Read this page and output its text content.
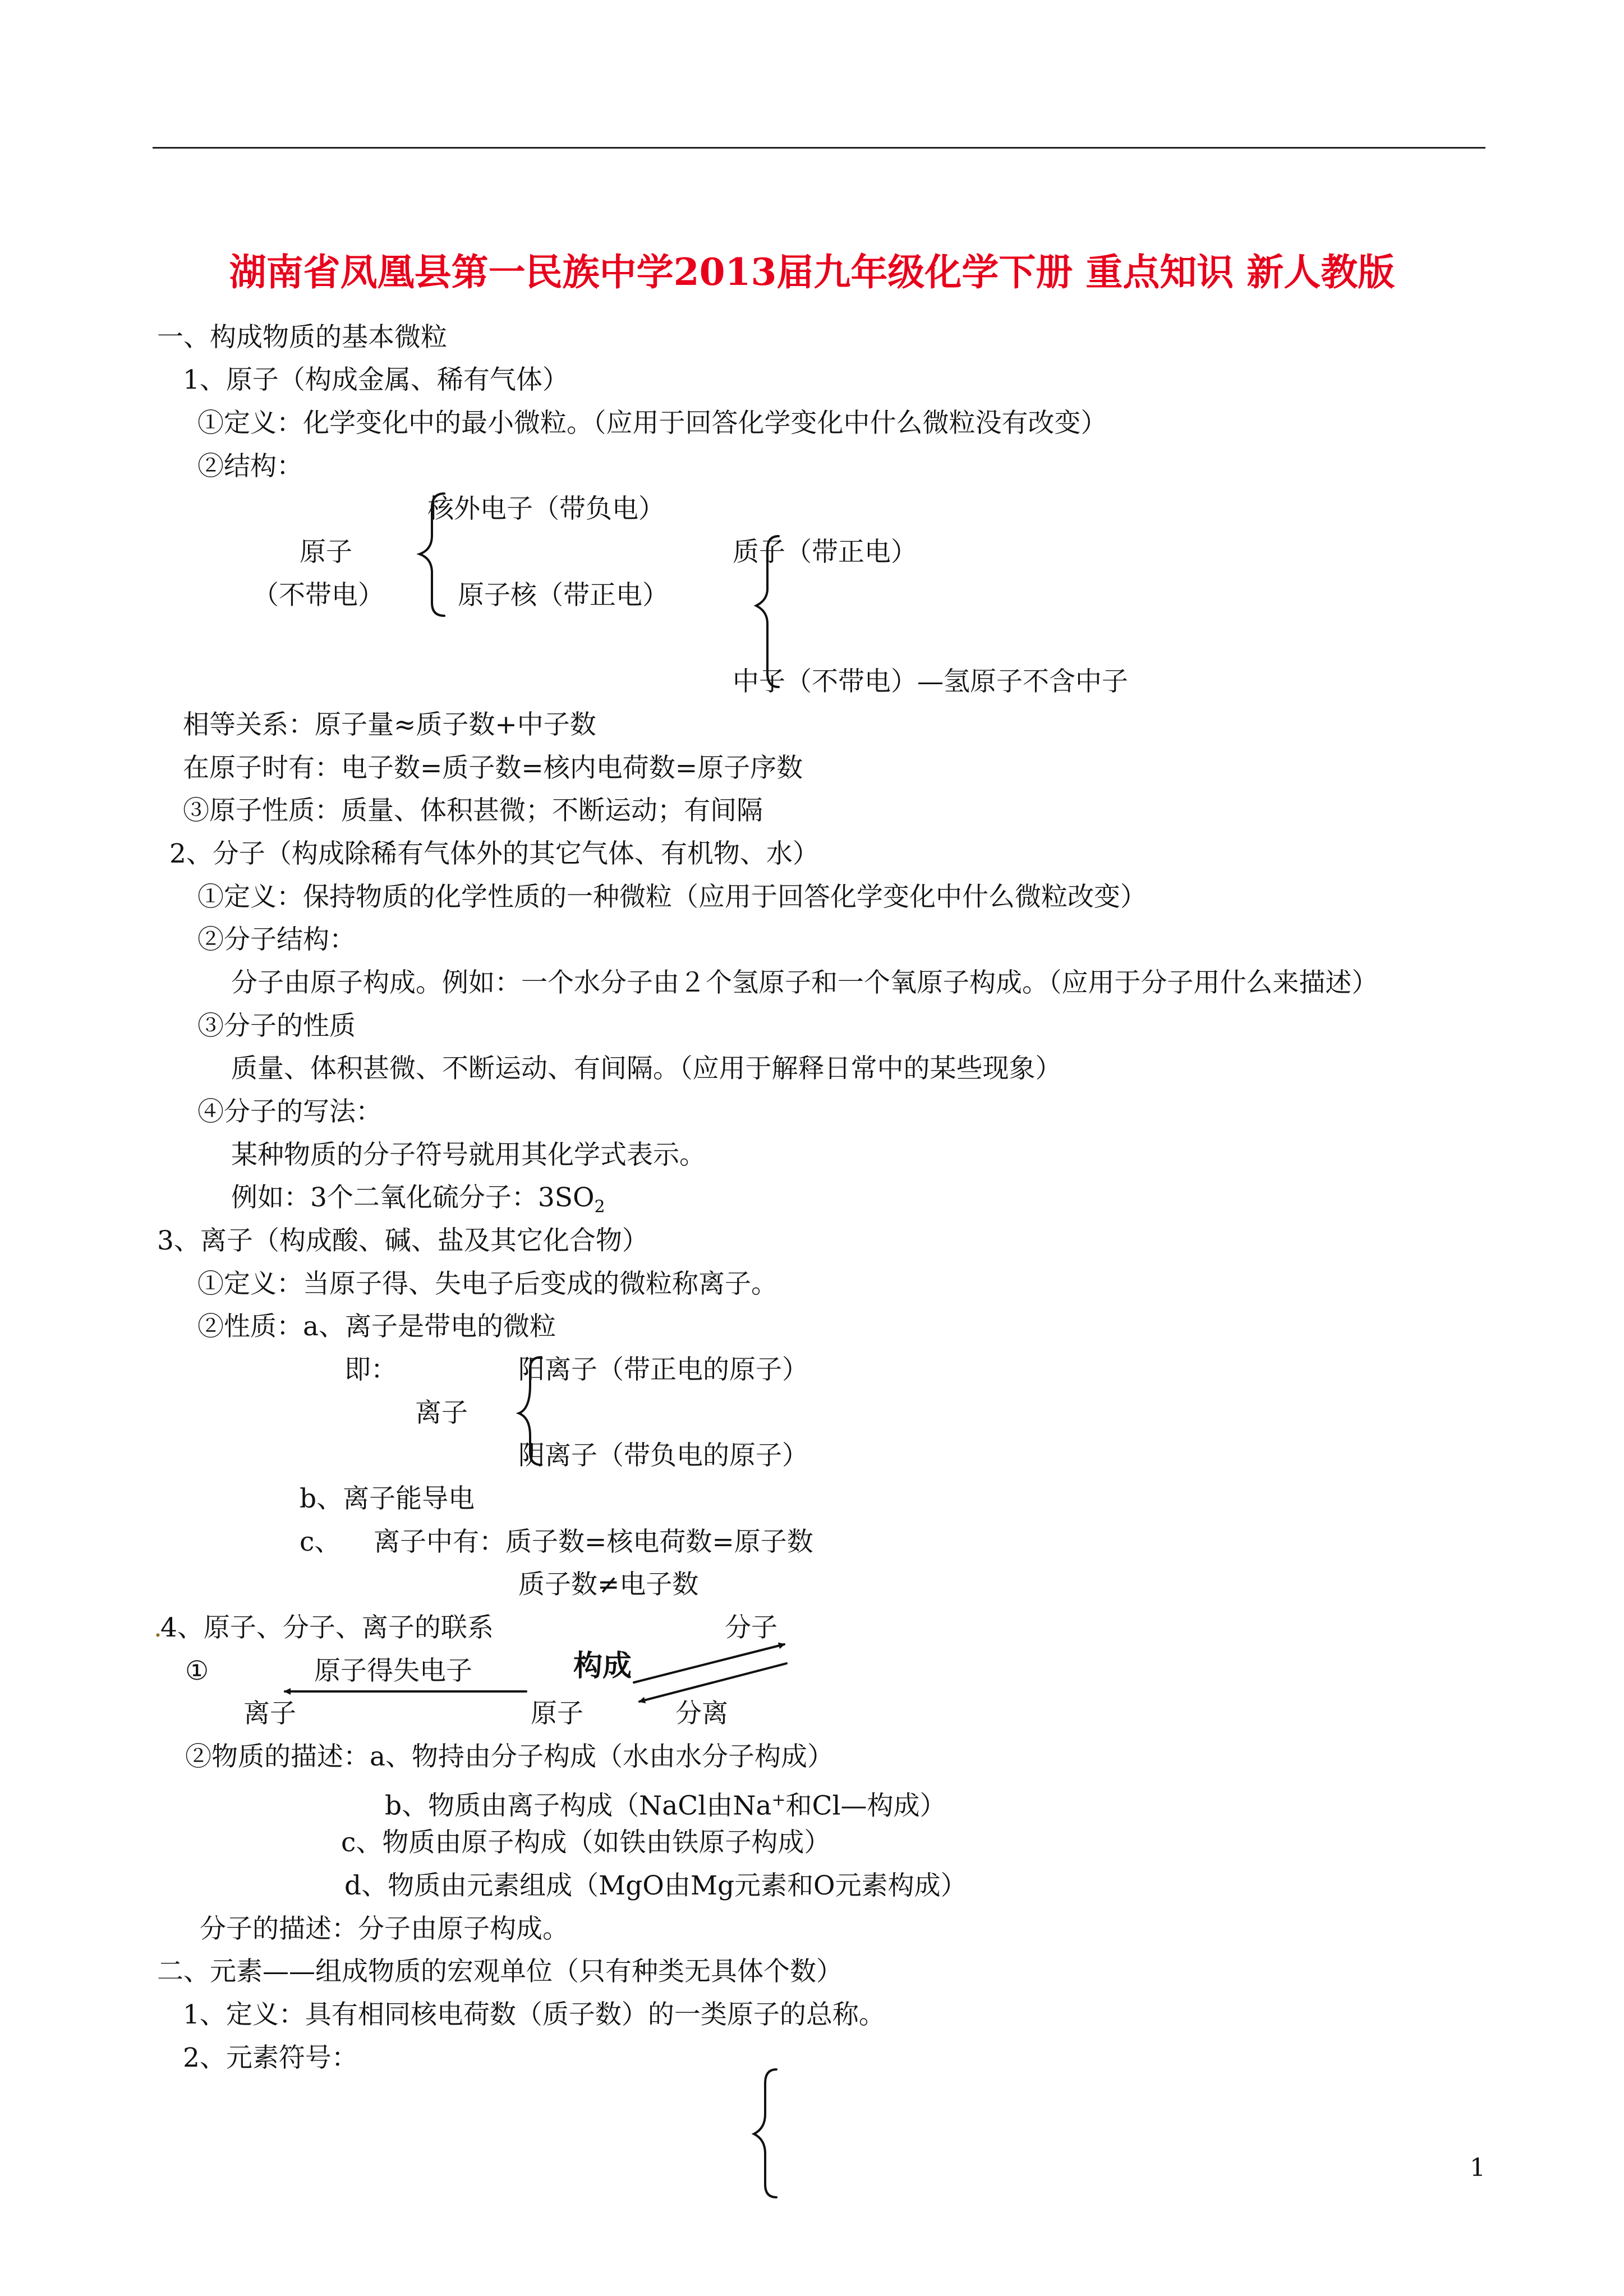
湖南省凤凰县第一民族中学2013届九年级化学下册 重点知识 新人教版
一、构成物质的基本微粒
1、原子（构成金属、稀有气体）
①定义：化学变化中的最小微粒。（应用于回答化学变化中什么微粒没有改变）
②结构：
核外电子（带负电）
原子
（不带电）	原子核（带正电）
质子（带正电）
中子（不带电）—氢原子不含中子
相等关系：原子量≈质子数+中子数
在原子时有：电子数=质子数=核内电荷数=原子序数
③原子性质：质量、体积甚微；不断运动；有间隔
2、分子（构成除稀有气体外的其它气体、有机物、水）
①定义：保持物质的化学性质的一种微粒（应用于回答化学变化中什么微粒改变）
②分子结构：
分子由原子构成。例如：一个水分子由２个氢原子和一个氧原子构成。（应用于分子用什么来描述）
③分子的性质
质量、体积甚微、不断运动、有间隔。（应用于解释日常中的某些现象）
④分子的写法：
某种物质的分子符号就用其化学式表示。
例如：3个二氧化硫分子：$3SO_2$
3、离子（构成酸、碱、盐及其它化合物）
①定义：当原子得、失电子后变成的微粒称离子。
②性质：a、离子是带电的微粒
即：
离子
阳离子（带正电的原子）
阴离子（带负电的原子）
b、离子能导电
c、 离子中有：质子数=核电荷数=原子数
质子数≠电子数
.
4、原子、分子、离子的联系	分子
①	原子得失电子	构成
离子	原子	分离
②物质的描述：a、物持由分子构成（水由水分子构成）
b、物质由离子构成（NaCl由Na+和Cl—构成）
c、物质由原子构成（如铁由铁原子构成）
d、物质由元素组成（MgO由Mg元素和O元素构成）
分子的描述：分子由原子构成。
二、元素——组成物质的宏观单位（只有种类无具体个数）
1、定义：具有相同核电荷数（质子数）的一类原子的总称。
2、元素符号：
1
